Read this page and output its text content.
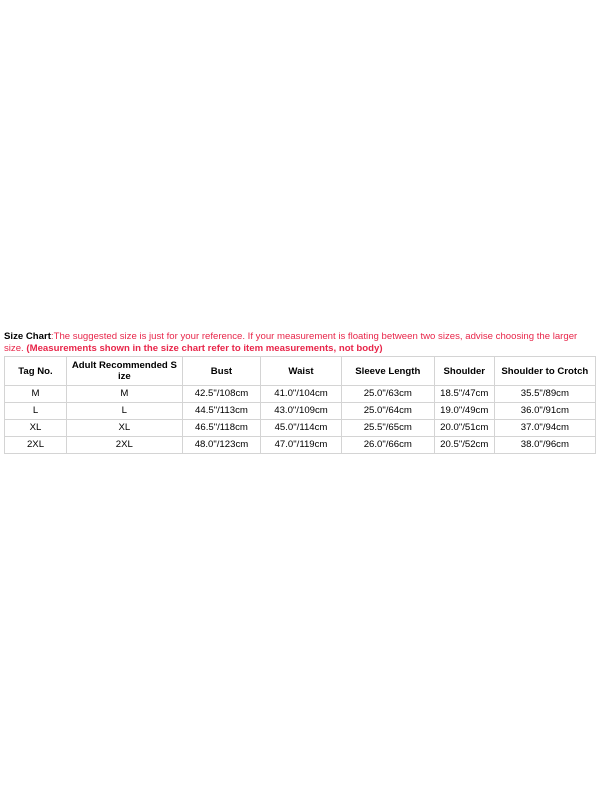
Size Chart:The suggested size is just for your reference. If your measurement is floating between two sizes, advise choosing the larger size. (Measurements shown in the size chart refer to item measurements, not body)

Tag No.	Adult Recommended S ize	Bust	Waist	Sleeve Length	Shoulder	Shoulder to Crotch
M	M	42.5"/108cm	41.0"/104cm	25.0"/63cm	18.5"/47cm	35.5"/89cm
L	L	44.5"/113cm	43.0"/109cm	25.0"/64cm	19.0"/49cm	36.0"/91cm
XL	XL	46.5"/118cm	45.0"/114cm	25.5"/65cm	20.0"/51cm	37.0"/94cm
2XL	2XL	48.0"/123cm	47.0"/119cm	26.0"/66cm	20.5"/52cm	38.0"/96cm
